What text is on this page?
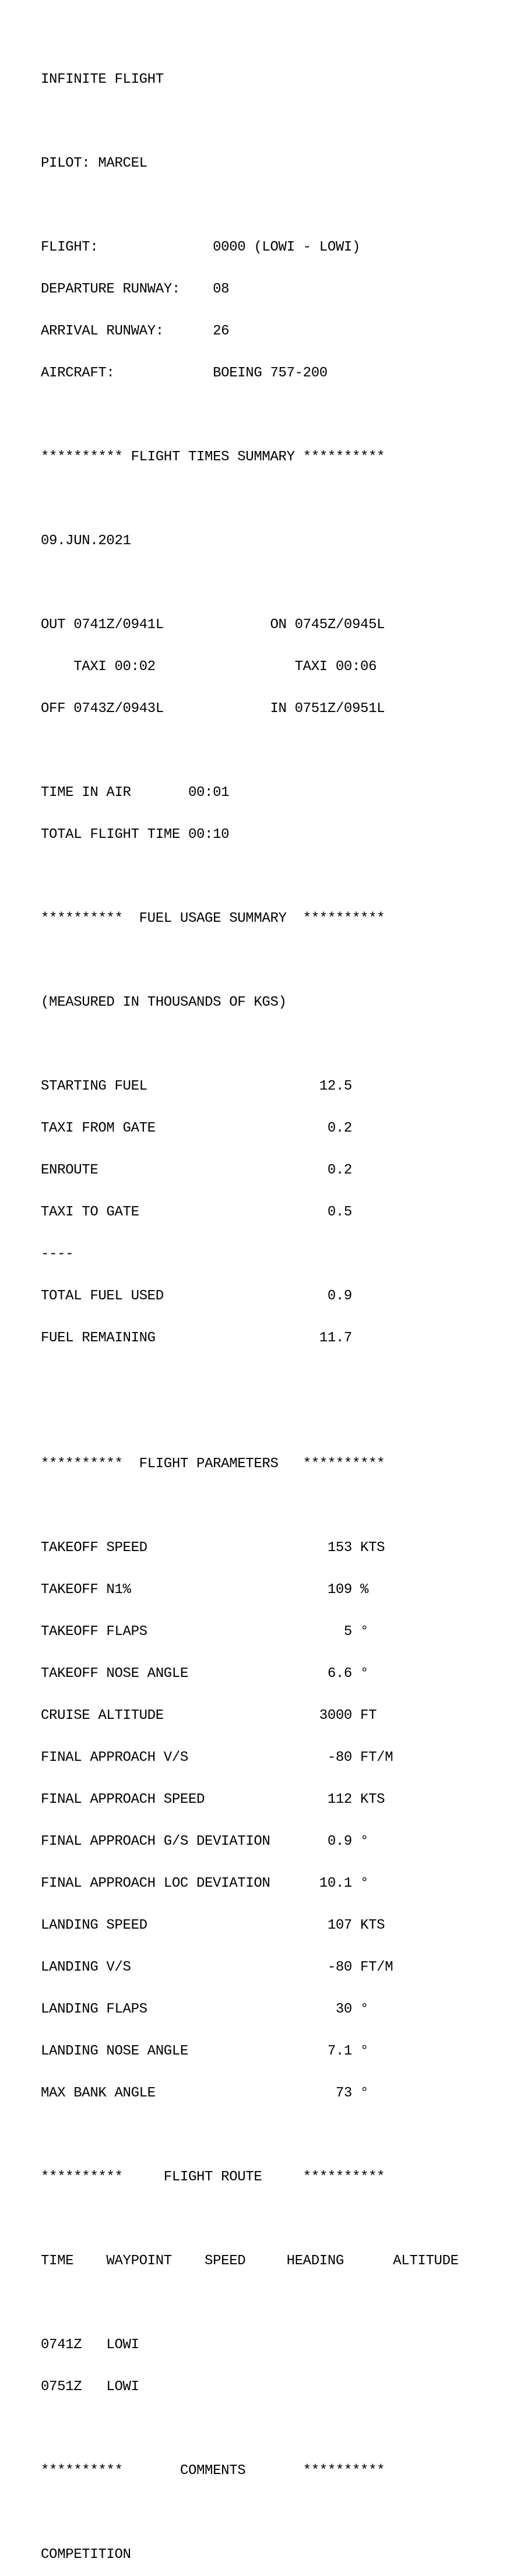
INFINITE FLIGHT

PILOT: MARCEL

FLIGHT:              0000 (LOWI - LOWI)

DEPARTURE RUNWAY:    08

ARRIVAL RUNWAY:      26

AIRCRAFT:            BOEING 757-200

********** FLIGHT TIMES SUMMARY **********

09.JUN.2021

OUT 0741Z/0941L             ON 0745Z/0945L

TAXI 00:02                 TAXI 00:06

OFF 0743Z/0943L             IN 0751Z/0951L

TIME IN AIR       00:01

TOTAL FLIGHT TIME 00:10

**********  FUEL USAGE SUMMARY  **********

(MEASURED IN THOUSANDS OF KGS)

STARTING FUEL                     12.5

TAXI FROM GATE                     0.2

ENROUTE                            0.2

TAXI TO GATE                       0.5

----

TOTAL FUEL USED                    0.9

FUEL REMAINING                    11.7

**********  FLIGHT PARAMETERS   **********

TAKEOFF SPEED                      153 KTS

TAKEOFF N1%                        109 %

TAKEOFF FLAPS                        5 °

TAKEOFF NOSE ANGLE                 6.6 °

CRUISE ALTITUDE                   3000 FT

FINAL APPROACH V/S                 -80 FT/M

FINAL APPROACH SPEED               112 KTS

FINAL APPROACH G/S DEVIATION       0.9 °

FINAL APPROACH LOC DEVIATION      10.1 °

LANDING SPEED                      107 KTS

LANDING V/S                        -80 FT/M

LANDING FLAPS                       30 °

LANDING NOSE ANGLE                 7.1 °

MAX BANK ANGLE                      73 °

**********     FLIGHT ROUTE     **********

TIME    WAYPOINT    SPEED     HEADING      ALTITUDE

0741Z   LOWI

0751Z   LOWI

**********       COMMENTS       **********

COMPETITION
